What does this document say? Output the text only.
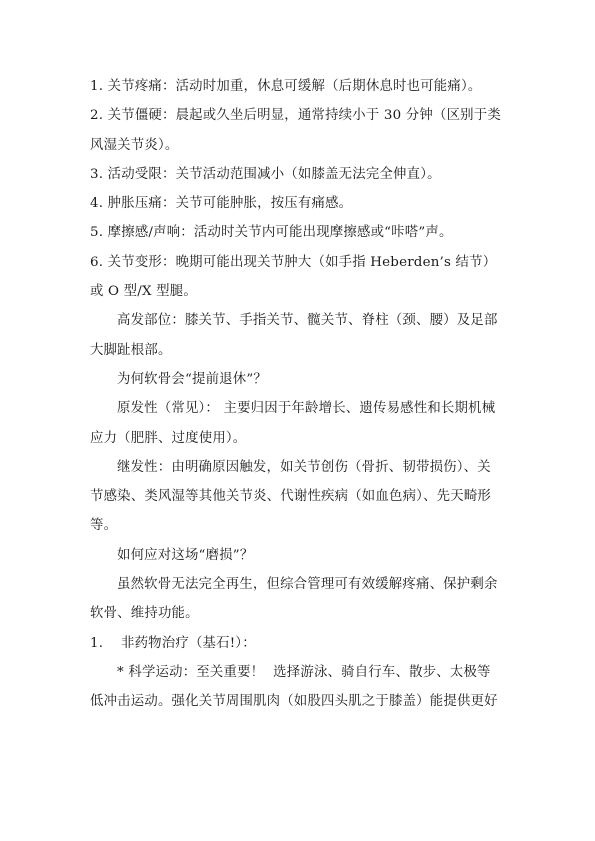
1. 关节疼痛：活动时加重，休息可缓解（后期休息时也可能痛）。
2. 关节僵硬：晨起或久坐后明显，通常持续小于 30 分钟（区别于类
风湿关节炎）。
3. 活动受限：关节活动范围减小（如膝盖无法完全伸直）。
4. 肿胀压痛：关节可能肿胀，按压有痛感。
5. 摩擦感/声响：活动时关节内可能出现摩擦感或“咔嗒”声。
6. 关节变形：晚期可能出现关节肿大（如手指 Heberden’s 结节）
或 O 型/X 型腿。
高发部位：膝关节、手指关节、髋关节、脊柱（颈、腰）及足部
大脚趾根部。
为何软骨会“提前退休”？
原发性（常见）： 主要归因于年龄增长、遗传易感性和长期机械
应力（肥胖、过度使用）。
继发性：由明确原因触发，如关节创伤（骨折、韧带损伤）、关
节感染、类风湿等其他关节炎、代谢性疾病（如血色病）、先天畸形
等。
如何应对这场“磨损”？
虽然软骨无法完全再生，但综合管理可有效缓解疼痛、保护剩余
软骨、维持功能。
1.    非药物治疗（基石!）：
* 科学运动：至关重要！  选择游泳、骑自行车、散步、太极等
低冲击运动。强化关节周围肌肉（如股四头肌之于膝盖）能提供更好
